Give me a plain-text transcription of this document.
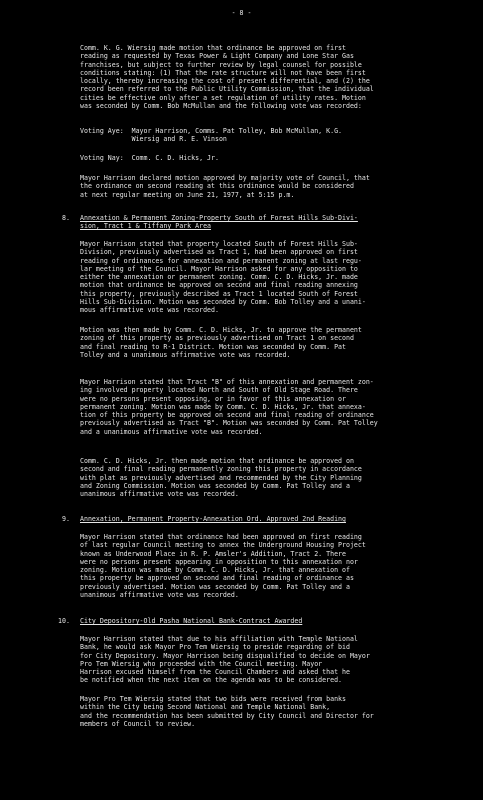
- 8 -
Comm. K. G. Wiersig made motion that ordinance be approved on first
reading as requested by Texas Power & Light Company and Lone Star Gas
franchises, but subject to further review by legal counsel for possible
conditions stating: (1) That the rate structure will not have been first
locally, thereby increasing the cost of present differential, and (2) the
record been referred to the Public Utility Commission, that the individual
cities be effective only after a set regulation of utility rates. Motion
was seconded by Comm. Bob McMullan and the following vote was recorded:
Voting Aye:  Mayor Harrison, Comms. Pat Tolley, Bob McMullan, K.G.
Wiersig and R. E. Vinson
Voting Nay:  Comm. C. D. Hicks, Jr.
Mayor Harrison declared motion approved by majority vote of Council, that
the ordinance on second reading at this ordinance would be considered
at next regular meeting on June 21, 1977, at 5:15 p.m.
8. Annexation & Permanent Zoning-Property South of Forest Hills Sub-Divi-
sion, Tract 1 & Tiffany Park Area
Mayor Harrison stated that property located South of Forest Hills Sub-
Division, previously advertised as Tract 1, had been approved on first
reading of ordinances for annexation and permanent zoning at last regu-
lar meeting of the Council. Mayor Harrison asked for any opposition to
either the annexation or permanent zoning. Comm. C. D. Hicks, Jr. made
motion that ordinance be approved on second and final reading annexing
this property, previously described as Tract 1 located South of Forest
Hills Sub-Division. Motion was seconded by Comm. Bob Tolley and a unani-
mous affirmative vote was recorded.
Motion was then made by Comm. C. D. Hicks, Jr. to approve the permanent
zoning of this property as previously advertised on Tract 1 on second
and final reading to R-1 District. Motion was seconded by Comm. Pat
Tolley and a unanimous affirmative vote was recorded.
Mayor Harrison stated that Tract "B" of this annexation and permanent zon-
ing involved property located North and South of Old Stage Road. There
were no persons present opposing, or in favor of this annexation or
permanent zoning. Motion was made by Comm. C. D. Hicks, Jr. that annexa-
tion of this property be approved on second and final reading of ordinance
previously advertised as Tract "B". Motion was seconded by Comm. Pat Tolley
and a unanimous affirmative vote was recorded.
Comm. C. D. Hicks, Jr. then made motion that ordinance be approved on
second and final reading permanently zoning this property in accordance
with plat as previously advertised and recommended by the City Planning
and Zoning Commission. Motion was seconded by Comm. Pat Tolley and a
unanimous affirmative vote was recorded.
9. Annexation, Permanent Property-Annexation Ord. Approved 2nd Reading
Mayor Harrison stated that ordinance had been approved on first reading
of last regular Council meeting to annex the Underground Housing Project
known as Underwood Place in R. P. Amsler's Addition, Tract 2. There
were no persons present appearing in opposition to this annexation nor
zoning. Motion was made by Comm. C. D. Hicks, Jr. that annexation of
this property be approved on second and final reading of ordinance as
previously advertised. Motion was seconded by Comm. Pat Tolley and a
unanimous affirmative vote was recorded.
10. City Depository-Old Pasha National Bank-Contract Awarded
Mayor Harrison stated that due to his affiliation with Temple National
Bank, he would ask Mayor Pro Tem Wiersig to preside regarding of bid
for City Depository. Mayor Harrison being disqualified to decide on Mayor
Pro Tem Wiersig who proceeded with the Council meeting. Mayor
Harrison excused himself from the Council Chambers and asked that he
be notified when the next item on the agenda was to be considered.
Mayor Pro Tem Wiersig stated that two bids were received from banks
within the City being Second National and Temple National Bank,
and the recommendation has been submitted by City Council and Director for
members of Council to review.
